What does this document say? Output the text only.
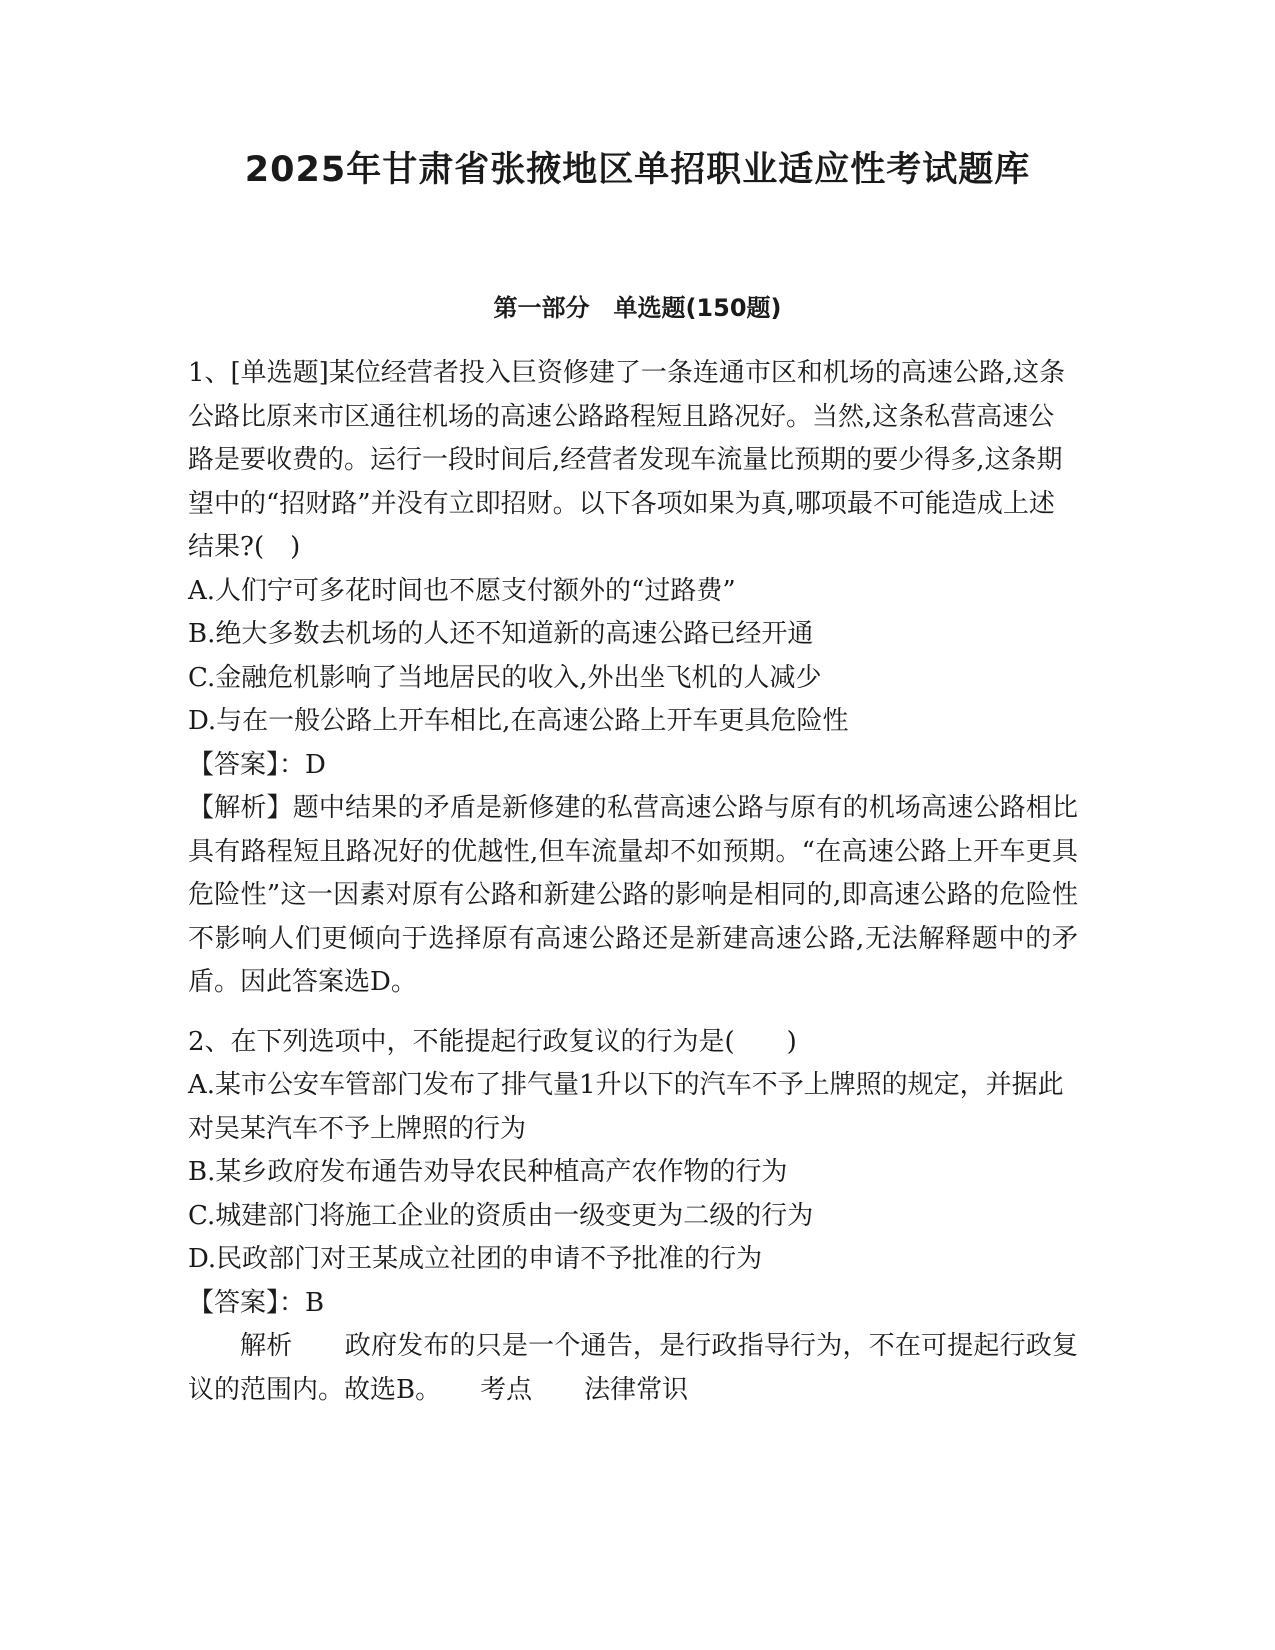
2025年甘肃省张掖地区单招职业适应性考试题库
第一部分　单选题(150题)

1、[单选题]某位经营者投入巨资修建了一条连通市区和机场的高速公路,这条公路比原来市区通往机场的高速公路路程短且路况好。当然,这条私营高速公路是要收费的。运行一段时间后,经营者发现车流量比预期的要少得多,这条期望中的“招财路”并没有立即招财。以下各项如果为真,哪项最不可能造成上述结果?(　)

A.人们宁可多花时间也不愿支付额外的“过路费”

B.绝大多数去机场的人还不知道新的高速公路已经开通

C.金融危机影响了当地居民的收入,外出坐飞机的人减少

D.与在一般公路上开车相比,在高速公路上开车更具危险性

【答案】：D

【解析】题中结果的矛盾是新修建的私营高速公路与原有的机场高速公路相比具有路程短且路况好的优越性,但车流量却不如预期。“在高速公路上开车更具危险性”这一因素对原有公路和新建公路的影响是相同的,即高速公路的危险性不影响人们更倾向于选择原有高速公路还是新建高速公路,无法解释题中的矛盾。因此答案选D。

2、在下列选项中，不能提起行政复议的行为是(　　)

A.某市公安车管部门发布了排气量1升以下的汽车不予上牌照的规定，并据此对吴某汽车不予上牌照的行为

B.某乡政府发布通告劝导农民种植高产农作物的行为

C.城建部门将施工企业的资质由一级变更为二级的行为

D.民政部门对王某成立社团的申请不予批准的行为

【答案】：B

解析　　政府发布的只是一个通告，是行政指导行为，不在可提起行政复议的范围内。故选B。　　考点　　法律常识
